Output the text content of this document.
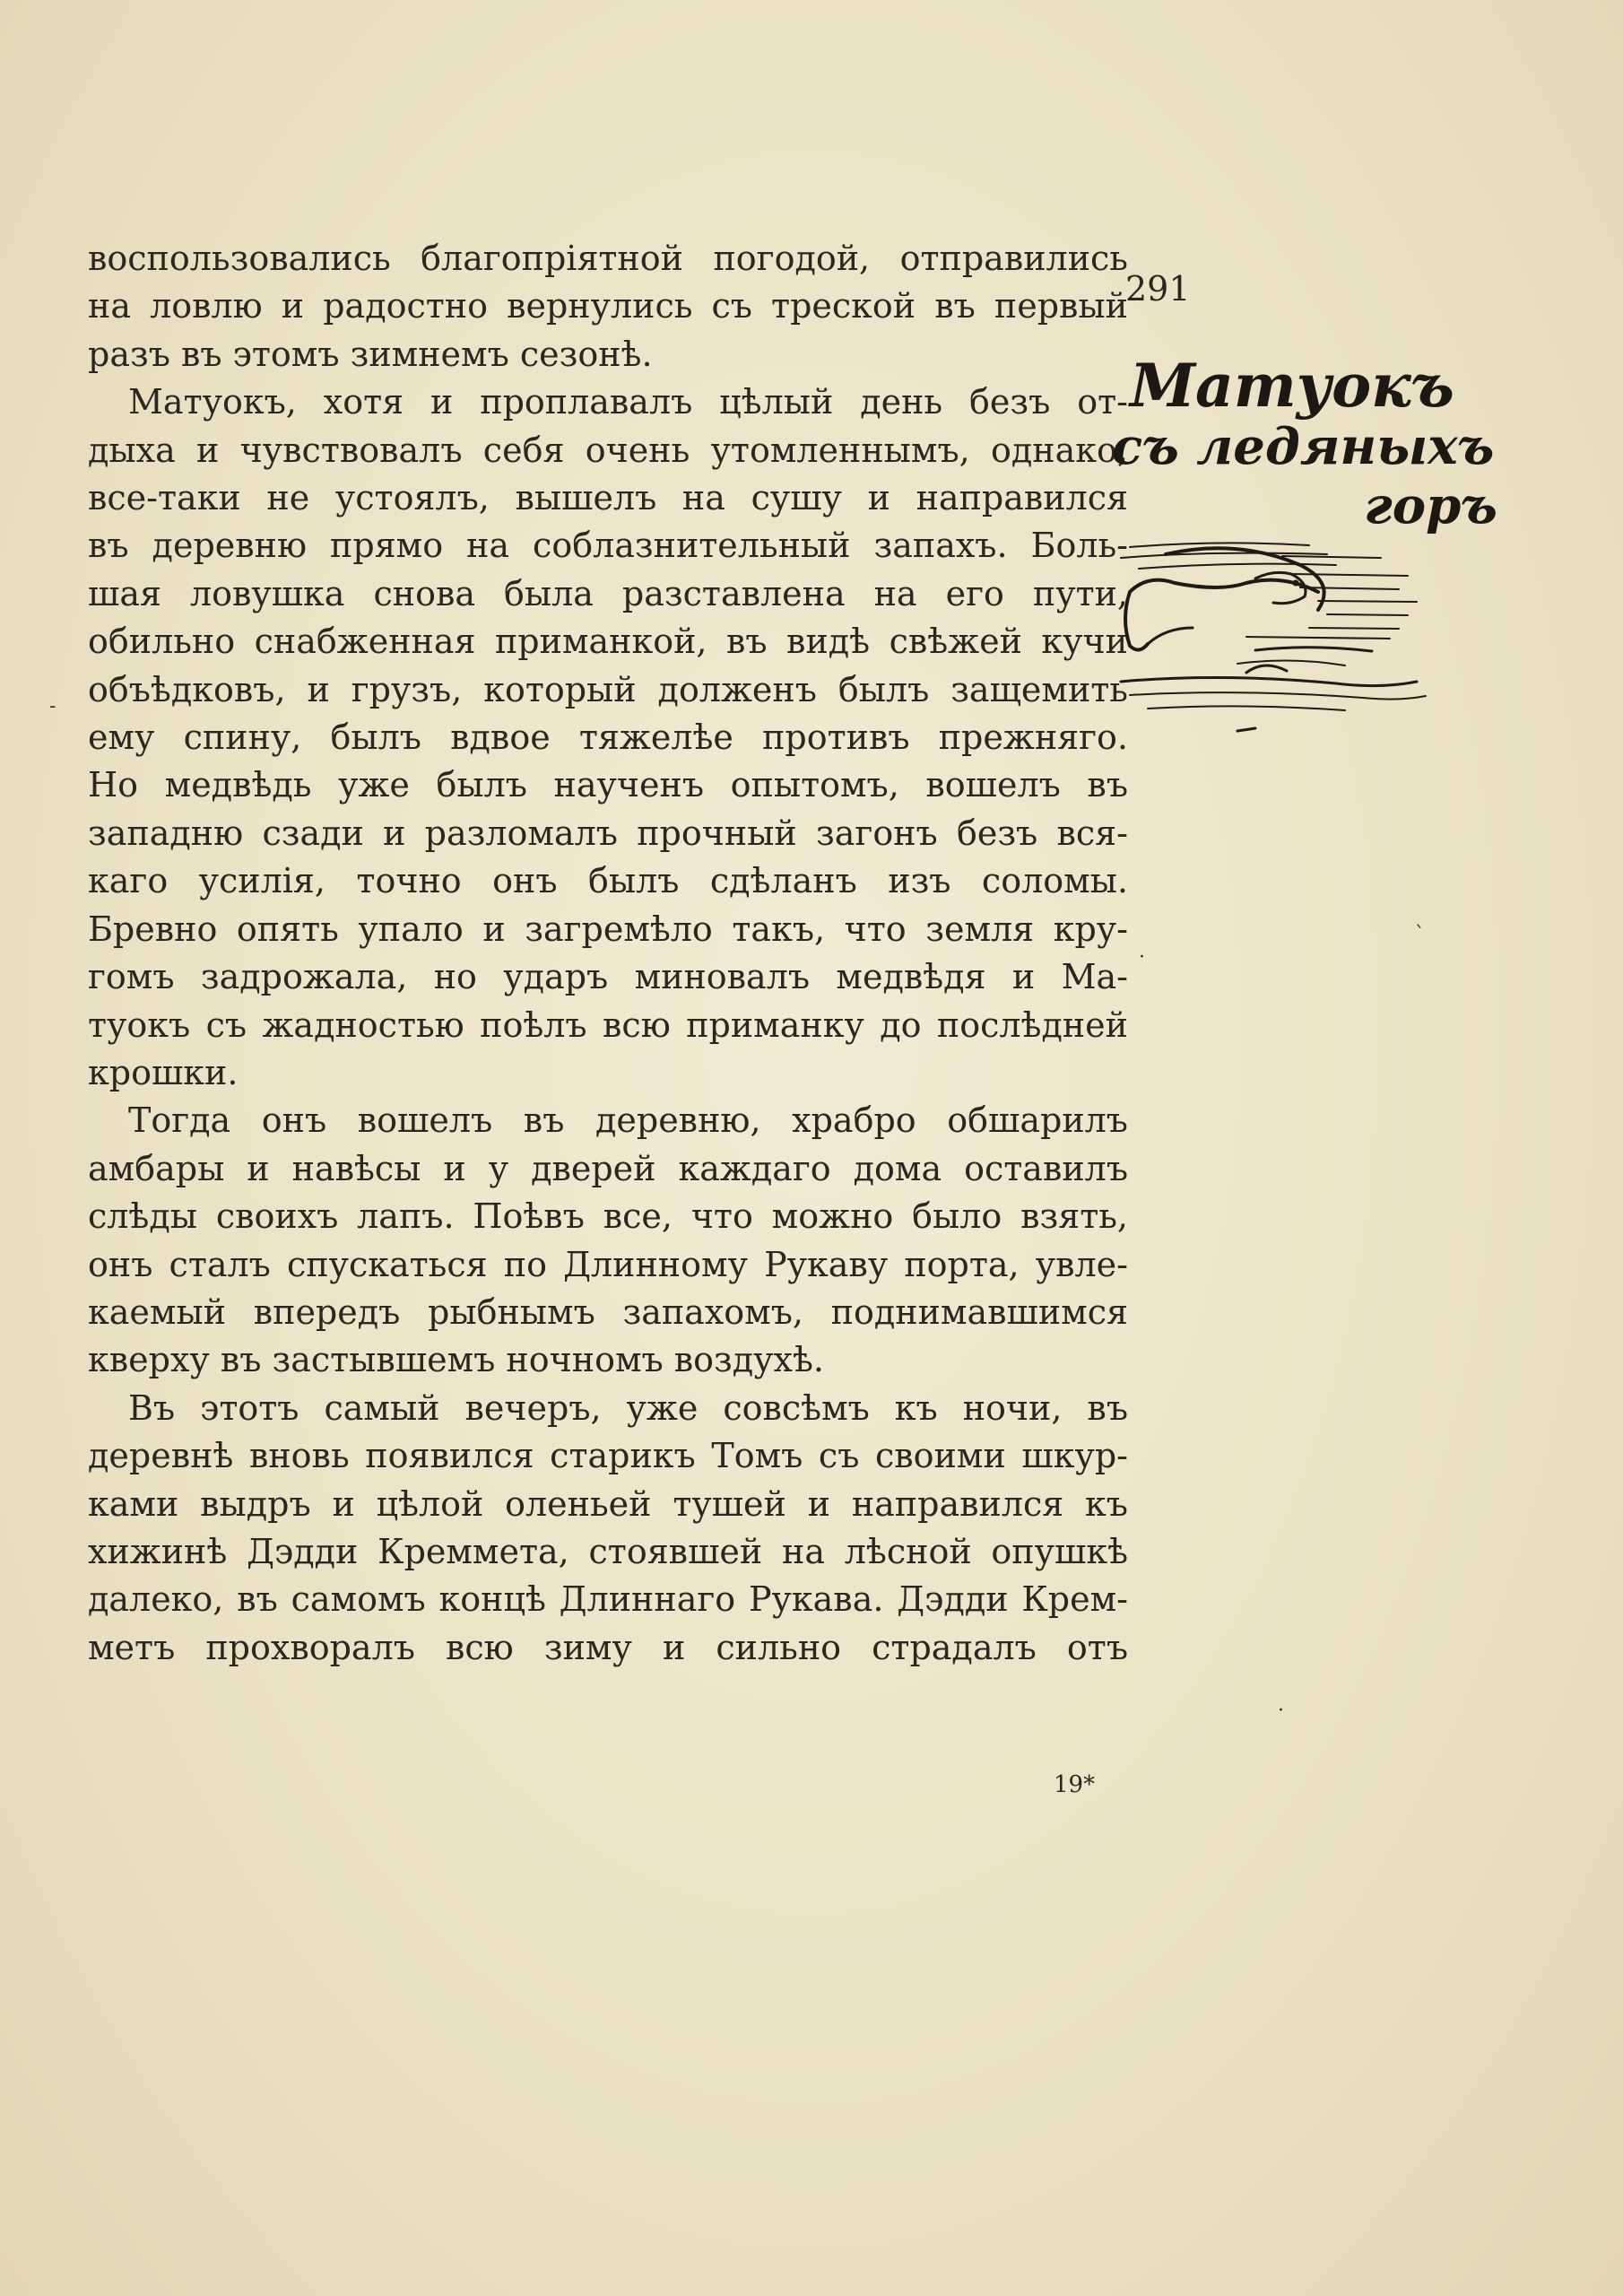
воспользовались благопріятной погодой, отправились
на ловлю и радостно вернулись съ треской въ первый
разъ въ этомъ зимнемъ сезонѣ.
Матуокъ, хотя и проплавалъ цѣлый день безъ от-
дыха и чувствовалъ себя очень утомленнымъ, однако,
все-таки не устоялъ, вышелъ на сушу и направился
въ деревню прямо на соблазнительный запахъ. Боль-
шая ловушка снова была разставлена на его пути,
обильно снабженная приманкой, въ видѣ свѣжей кучи
объѣдковъ, и грузъ, который долженъ былъ защемить
ему спину, былъ вдвое тяжелѣе противъ прежняго.
Но медвѣдь уже былъ наученъ опытомъ, вошелъ въ
западню сзади и разломалъ прочный загонъ безъ вся-
каго усилія, точно онъ былъ сдѣланъ изъ соломы.
Бревно опять упало и загремѣло такъ, что земля кру-
гомъ задрожала, но ударъ миновалъ медвѣдя и Ма-
туокъ съ жадностью поѣлъ всю приманку до послѣдней
крошки.
Тогда онъ вошелъ въ деревню, храбро обшарилъ
амбары и навѣсы и у дверей каждаго дома оставилъ
слѣды своихъ лапъ. Поѣвъ все, что можно было взять,
онъ сталъ спускаться по Длинному Рукаву порта, увле-
каемый впередъ рыбнымъ запахомъ, поднимавшимся
кверху въ застывшемъ ночномъ воздухѣ.
Въ этотъ самый вечеръ, уже совсѣмъ къ ночи, въ
деревнѣ вновь появился старикъ Томъ съ своими шкур-
ками выдръ и цѣлой оленьей тушей и направился къ
хижинѣ Дэдди Креммета, стоявшей на лѣсной опушкѣ
далеко, въ самомъ концѣ Длиннаго Рукава. Дэдди Крем-
метъ прохворалъ всю зиму и сильно страдалъ отъ
291
Матуокъ
съ ледяныхъ
горъ
19*
ˋ
·
·
-
